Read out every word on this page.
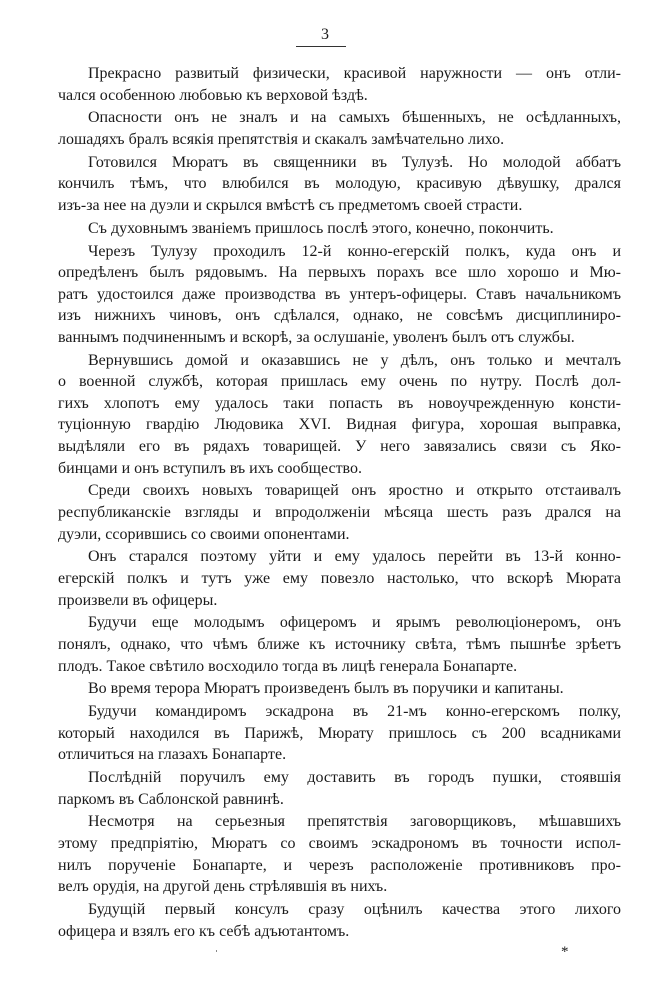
3
Прекрасно развитый физически, красивой наружности — онъ отли-
чался особенною любовью къ верховой ѣздѣ.
Опасности онъ не зналъ и на самыхъ бѣшенныхъ, не осѣдланныхъ,
лошадяхъ бралъ всякія препятствія и скакалъ замѣчательно лихо.
Готовился Мюратъ въ священники въ Тулузѣ. Но молодой аббатъ
кончилъ тѣмъ, что влюбился въ молодую, красивую дѣвушку, дрался
изъ-за нее на дуэли и скрылся вмѣстѣ съ предметомъ своей страсти.
Съ духовнымъ званіемъ пришлось послѣ этого, конечно, покончить.
Черезъ Тулузу проходилъ 12-й конно-егерскій полкъ, куда онъ и
опредѣленъ былъ рядовымъ. На первыхъ порахъ все шло хорошо и Мю-
ратъ удостоился даже производства въ унтеръ-офицеры. Ставъ начальникомъ
изъ нижнихъ чиновъ, онъ сдѣлался, однако, не совсѣмъ дисциплиниро-
ваннымъ подчиненнымъ и вскорѣ, за ослушаніе, уволенъ былъ отъ службы.
Вернувшись домой и оказавшись не у дѣлъ, онъ только и мечталъ
о военной службѣ, которая пришлась ему очень по нутру. Послѣ дол-
гихъ хлопотъ ему удалось таки попасть въ новоучрежденную консти-
туціонную гвардію Людовика XVI. Видная фигура, хорошая выправка,
выдѣляли его въ рядахъ товарищей. У него завязались связи съ Яко-
бинцами и онъ вступилъ въ ихъ сообщество.
Среди своихъ новыхъ товарищей онъ яростно и открыто отстаивалъ
республиканскіе взгляды и впродолженіи мѣсяца шесть разъ дрался на
дуэли, ссорившись со своими опонентами.
Онъ старался поэтому уйти и ему удалось перейти въ 13-й конно-
егерскій полкъ и тутъ уже ему повезло настолько, что вскорѣ Мюрата
произвели въ офицеры.
Будучи еще молодымъ офицеромъ и ярымъ революціонеромъ, онъ
понялъ, однако, что чѣмъ ближе къ источнику свѣта, тѣмъ пышнѣе зрѣетъ
плодъ. Такое свѣтило восходило тогда въ лицѣ генерала Бонапарте.
Во время терора Мюратъ произведенъ былъ въ поручики и капитаны.
Будучи командиромъ эскадрона въ 21-мъ конно-егерскомъ полку,
который находился въ Парижѣ, Мюрату пришлось съ 200 всадниками
отличиться на глазахъ Бонапарте.
Послѣдній поручилъ ему доставить въ городъ пушки, стоявшія
паркомъ въ Саблонской равнинѣ.
Несмотря на серьезныя препятствія заговорщиковъ, мѣшавшихъ
этому предпріятію, Мюратъ со своимъ эскадрономъ въ точности испол-
нилъ порученіе Бонапарте, и черезъ расположеніе противниковъ про-
велъ орудія, на другой день стрѣлявшія въ нихъ.
Будущій первый консулъ сразу оцѣнилъ качества этого лихого
офицера и взялъ его къ себѣ адъютантомъ.
*
